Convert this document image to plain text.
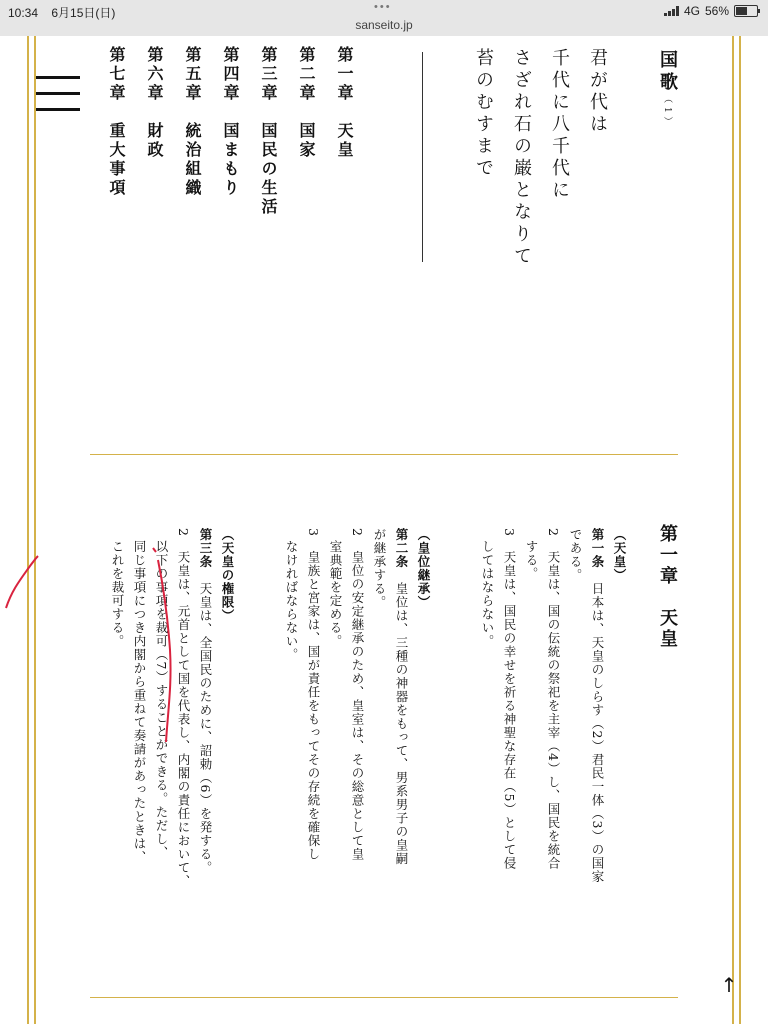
10:34 6月15日(日)	•••	4G 56%
sanseito.jp
第一章　天皇
第二章　国家
第三章　国民の生活
第四章　国まもり
第五章　統治組織
第六章　財政
第七章　重大事項	国歌（1）
君が代は
千代に八千代に
さざれ石の巌となりて
苔のむすまで
第一章　天皇
（天皇）
第一条　日本は、天皇のしらす（2）君民一体（3）の国家
である。
2　天皇は、国の伝統の祭祀を主宰（4）し、国民を統合
する。
3　天皇は、国民の幸せを祈る神聖な存在（5）として侵
してはならない。
（皇位継承）
第二条　皇位は、三種の神器をもって、男系男子の皇嗣
が継承する。
2　皇位の安定継承のため、皇室は、その総意として皇
室典範を定める。
3　皇族と宮家は、国が責任をもってその存続を確保し
なければならない。
（天皇の権限）
第三条　天皇は、全国民のために、詔勅（6）を発する。
2　天皇は、元首として国を代表し、内閣の責任において、
以下の事項を裁可（7）することができる。ただし、
同じ事項につき内閣から重ねて奏請があったときは、
これを裁可する。
↑
